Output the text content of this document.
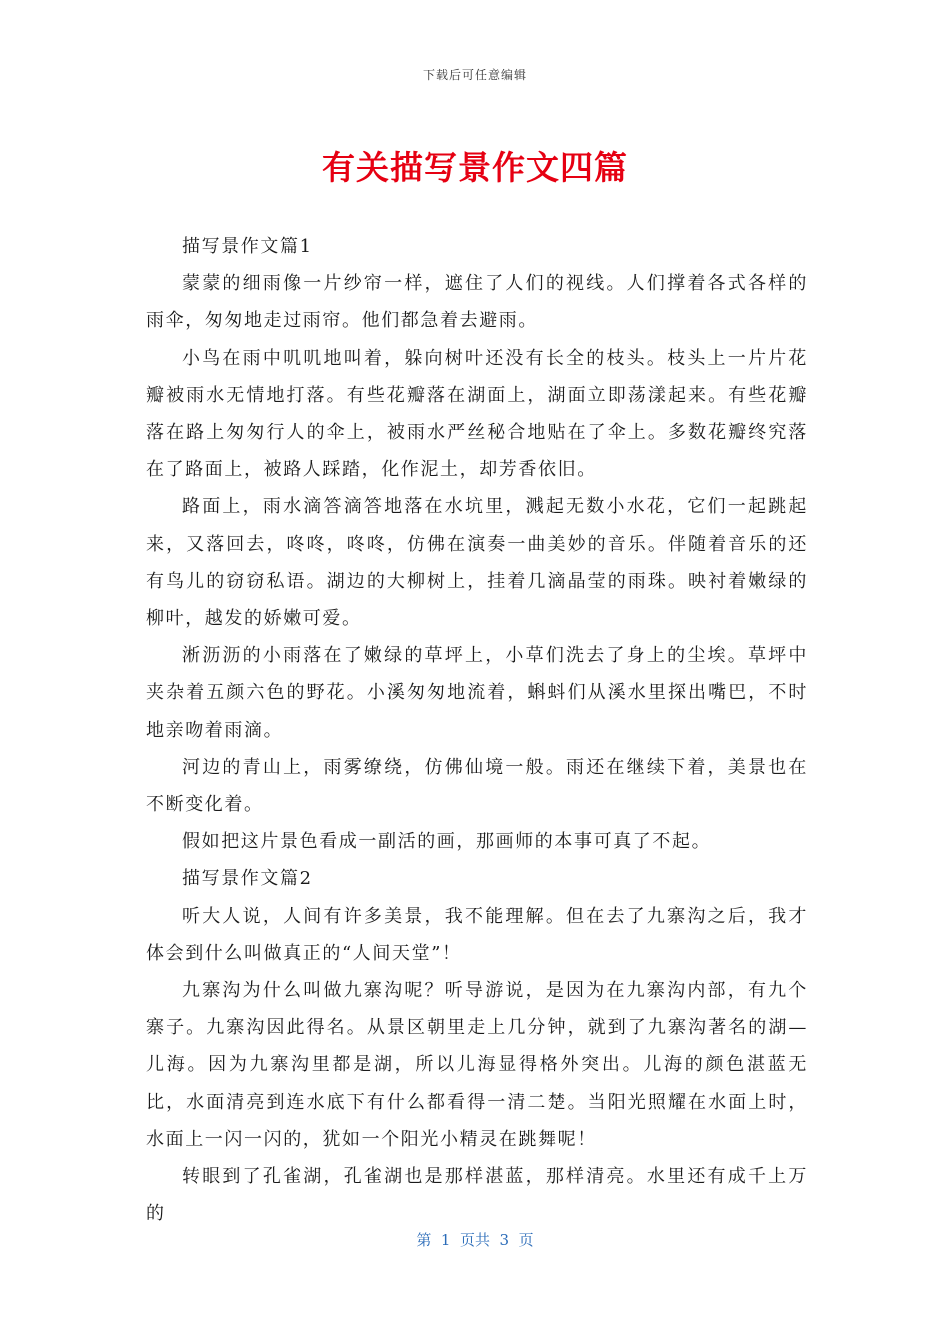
下载后可任意编辑
有关描写景作文四篇

描写景作文篇1

蒙蒙的细雨像一片纱帘一样，遮住了人们的视线。人们撑着各式各样的雨伞，匆匆地走过雨帘。他们都急着去避雨。

小鸟在雨中叽叽地叫着，躲向树叶还没有长全的枝头。枝头上一片片花瓣被雨水无情地打落。有些花瓣落在湖面上，湖面立即荡漾起来。有些花瓣落在路上匆匆行人的伞上，被雨水严丝秘合地贴在了伞上。多数花瓣终究落在了路面上，被路人踩踏，化作泥土，却芳香依旧。

路面上，雨水滴答滴答地落在水坑里，溅起无数小水花，它们一起跳起来，又落回去，咚咚，咚咚，仿佛在演奏一曲美妙的音乐。伴随着音乐的还有鸟儿的窃窃私语。湖边的大柳树上，挂着几滴晶莹的雨珠。映衬着嫩绿的柳叶，越发的娇嫩可爱。

淅沥沥的小雨落在了嫩绿的草坪上，小草们洗去了身上的尘埃。草坪中夹杂着五颜六色的野花。小溪匆匆地流着，蝌蚪们从溪水里探出嘴巴，不时地亲吻着雨滴。

河边的青山上，雨雾缭绕，仿佛仙境一般。雨还在继续下着，美景也在不断变化着。

假如把这片景色看成一副活的画，那画师的本事可真了不起。

描写景作文篇2

听大人说，人间有许多美景，我不能理解。但在去了九寨沟之后，我才体会到什么叫做真正的“人间天堂”！

九寨沟为什么叫做九寨沟呢？听导游说，是因为在九寨沟内部，有九个寨子。九寨沟因此得名。从景区朝里走上几分钟，就到了九寨沟著名的湖—儿海。因为九寨沟里都是湖，所以儿海显得格外突出。儿海的颜色湛蓝无比，水面清亮到连水底下有什么都看得一清二楚。当阳光照耀在水面上时，水面上一闪一闪的，犹如一个阳光小精灵在跳舞呢！

转眼到了孔雀湖，孔雀湖也是那样湛蓝，那样清亮。水里还有成千上万的

第  1  页共  3  页
